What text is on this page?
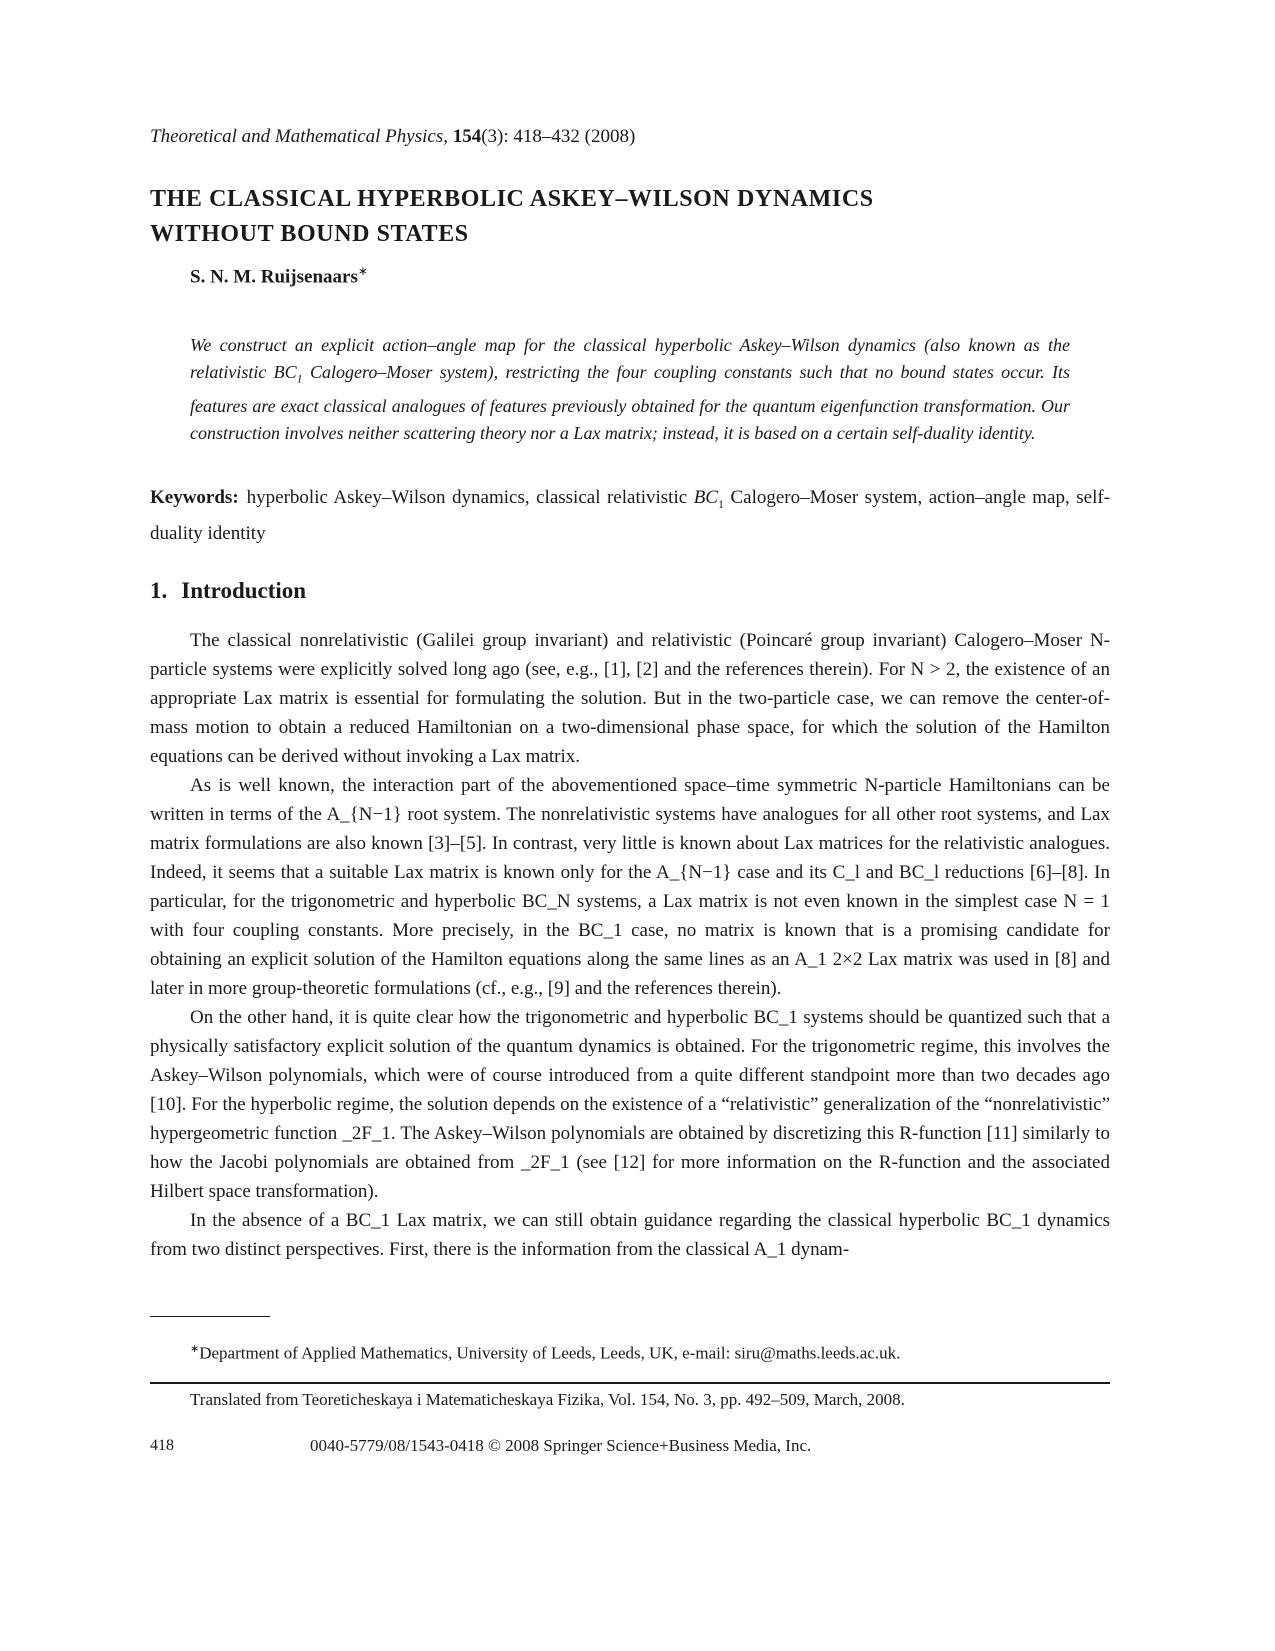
Theoretical and Mathematical Physics, 154(3): 418–432 (2008)

THE CLASSICAL HYPERBOLIC ASKEY–WILSON DYNAMICS
WITHOUT BOUND STATES
S. N. M. Ruijsenaars∗
We construct an explicit action–angle map for the classical hyperbolic Askey–Wilson dynamics (also known as the relativistic $BC_1$ Calogero–Moser system), restricting the four coupling constants such that no bound states occur. Its features are exact classical analogues of features previously obtained for the quantum eigenfunction transformation. Our construction involves neither scattering theory nor a Lax matrix; instead, it is based on a certain self-duality identity.
Keywords: hyperbolic Askey–Wilson dynamics, classical relativistic $BC_1$ Calogero–Moser system, action–angle map, self-duality identity
1. Introduction

The classical nonrelativistic (Galilei group invariant) and relativistic (Poincaré group invariant) Calogero–Moser N-particle systems were explicitly solved long ago (see, e.g., [1], [2] and the references therein). For N > 2, the existence of an appropriate Lax matrix is essential for formulating the solution. But in the two-particle case, we can remove the center-of-mass motion to obtain a reduced Hamiltonian on a two-dimensional phase space, for which the solution of the Hamilton equations can be derived without invoking a Lax matrix.

As is well known, the interaction part of the abovementioned space–time symmetric N-particle Hamiltonians can be written in terms of the A_{N−1} root system. The nonrelativistic systems have analogues for all other root systems, and Lax matrix formulations are also known [3]–[5]. In contrast, very little is known about Lax matrices for the relativistic analogues. Indeed, it seems that a suitable Lax matrix is known only for the A_{N−1} case and its C_l and BC_l reductions [6]–[8]. In particular, for the trigonometric and hyperbolic BC_N systems, a Lax matrix is not even known in the simplest case N = 1 with four coupling constants. More precisely, in the BC_1 case, no matrix is known that is a promising candidate for obtaining an explicit solution of the Hamilton equations along the same lines as an A_1 2×2 Lax matrix was used in [8] and later in more group-theoretic formulations (cf., e.g., [9] and the references therein).

On the other hand, it is quite clear how the trigonometric and hyperbolic BC_1 systems should be quantized such that a physically satisfactory explicit solution of the quantum dynamics is obtained. For the trigonometric regime, this involves the Askey–Wilson polynomials, which were of course introduced from a quite different standpoint more than two decades ago [10]. For the hyperbolic regime, the solution depends on the existence of a “relativistic” generalization of the “nonrelativistic” hypergeometric function _2F_1. The Askey–Wilson polynomials are obtained by discretizing this R-function [11] similarly to how the Jacobi polynomials are obtained from _2F_1 (see [12] for more information on the R-function and the associated Hilbert space transformation).

In the absence of a BC_1 Lax matrix, we can still obtain guidance regarding the classical hyperbolic BC_1 dynamics from two distinct perspectives. First, there is the information from the classical A_1 dynam-

∗Department of Applied Mathematics, University of Leeds, Leeds, UK, e-mail: siru@maths.leeds.ac.uk.
Translated from Teoreticheskaya i Matematicheskaya Fizika, Vol. 154, No. 3, pp. 492–509, March, 2008.
418	0040-5779/08/1543-0418 © 2008 Springer Science+Business Media, Inc.
